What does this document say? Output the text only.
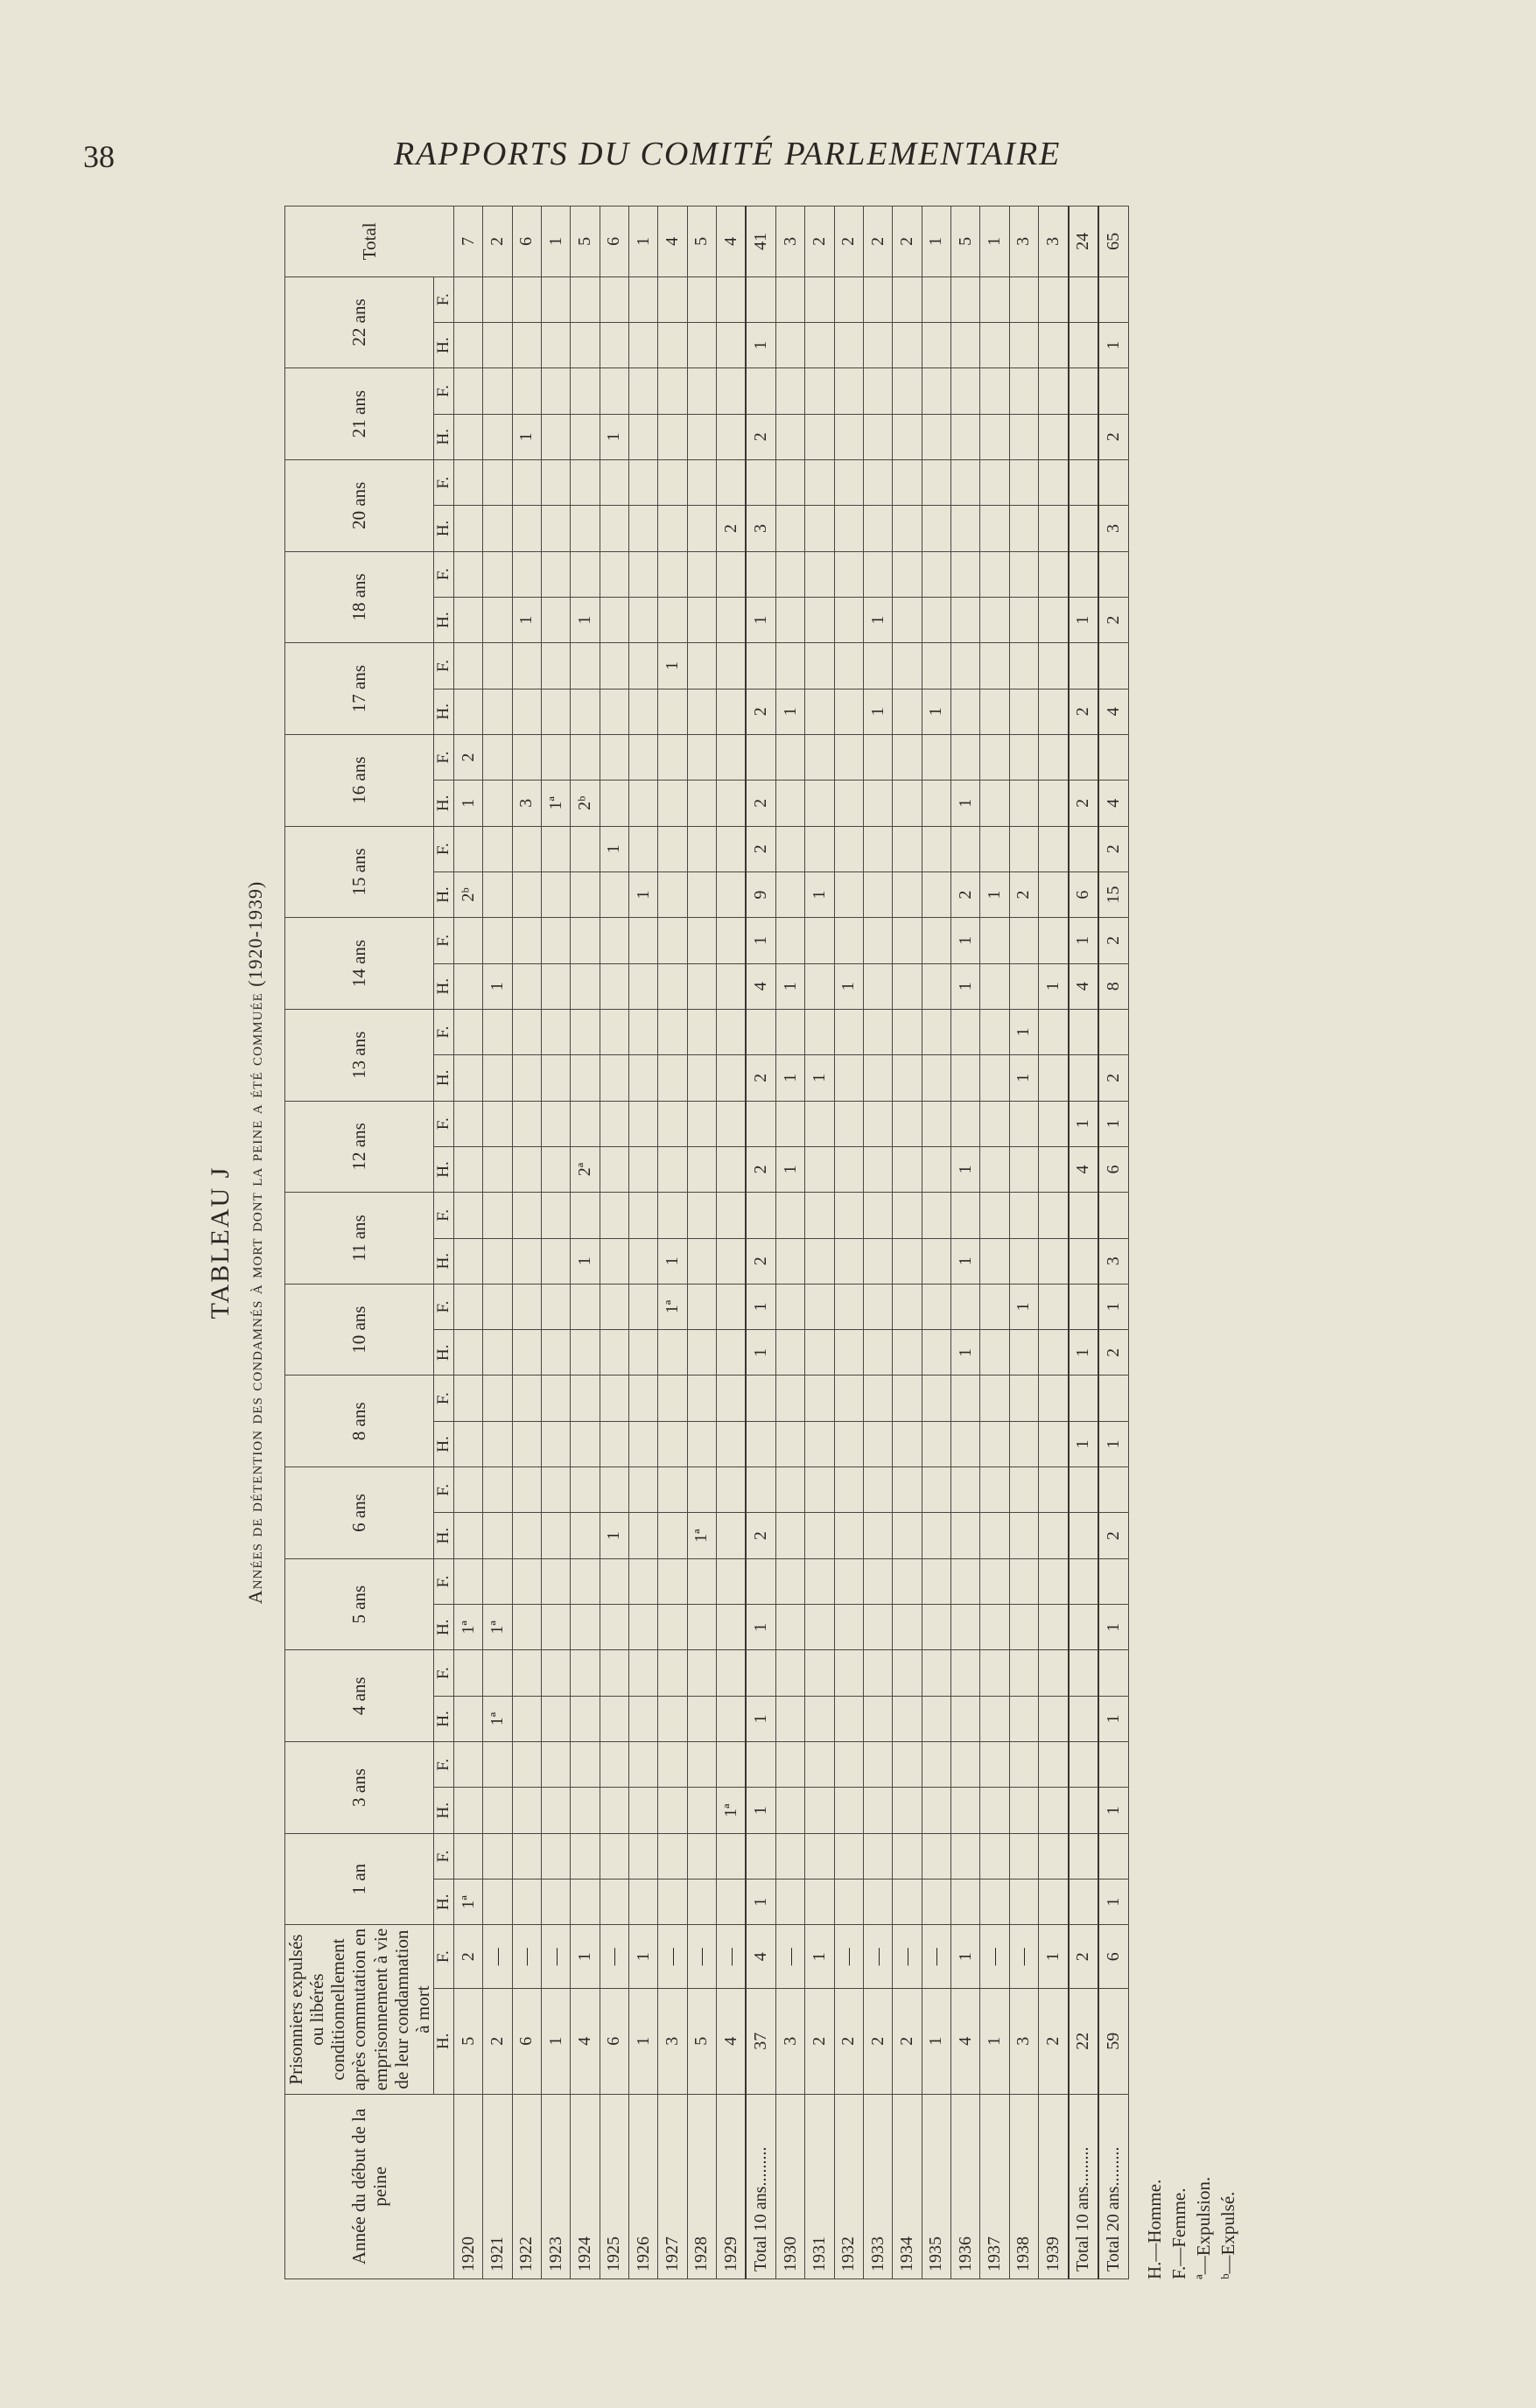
38	RAPPORTS DU COMITÉ PARLEMENTAIRE
TABLEAU J Années de détention des condamnés à mort dont la peine a été commuée (1920-1939)
Année du début de la peine	Prisonniers expulsés ou libérés conditionnellement après commutation en emprisonnement à vie de leur condamnation à mort		1 an		3 ans		4 ans		5 ans		6 ans		8 ans		10 ans		11 ans		12 ans		13 ans		14 ans		15 ans		16 ans		17 ans		18 ans		20 ans		21 ans		22 ans		Total
	H.	F.	H.	F.	H.	F.	H.	F.	H.	F.	H.	F.	H.	F.	H.	F.	H.	F.	H.	F.	H.	F.	H.	F.	H.	F.	H.	F.	H.	F.	H.	F.	H.	F.	H.	F.	H.	F.	
1920	5	2	1ª						1ª																2ᵇ		1	2											7
1921	2	—					1ª		1ª														1																2
1922	6	—																									3				1				1				6
1923	1	—																									1ª												1
1924	4	1															1		2ª								2ᵇ				1								5
1925	6	—									1															1									1				6
1926	1	1																							1														1
1927	3	—														1ª	1													1									4
1928	5	—									1ª																												5
1929	4	—			1ª																												2						4
Total 10 ans.........	37	4	1		1		1		1		2				1	1	2		2		2		4	1	9	2	2		2		1		3		2		1		41
1930	3	—																	1		1		1						1										3
1931	2	1																			1				1														2
1932	2	—																					1																2
1933	2	—																											1		1								2
1934	2	—																																					2
1935	1	—																											1										1
1936	4	1													1		1		1				1	1	2		1												5
1937	1	—																							1														1
1938	3	—														1					1	1			2														3
1939	2	1																					1																3
Total 10 ans.........	22	2											1		1				4	1			4	1	6		2		2		1								24
Total 20 ans.........	59	6	1		1		1		1		2		1		2	1	3		6	1	2		8	2	15	2	4		4		2		3		2		1		65
H.—Homme. F.—Femme. ª—Expulsion. ᵇ—Expulsé.
